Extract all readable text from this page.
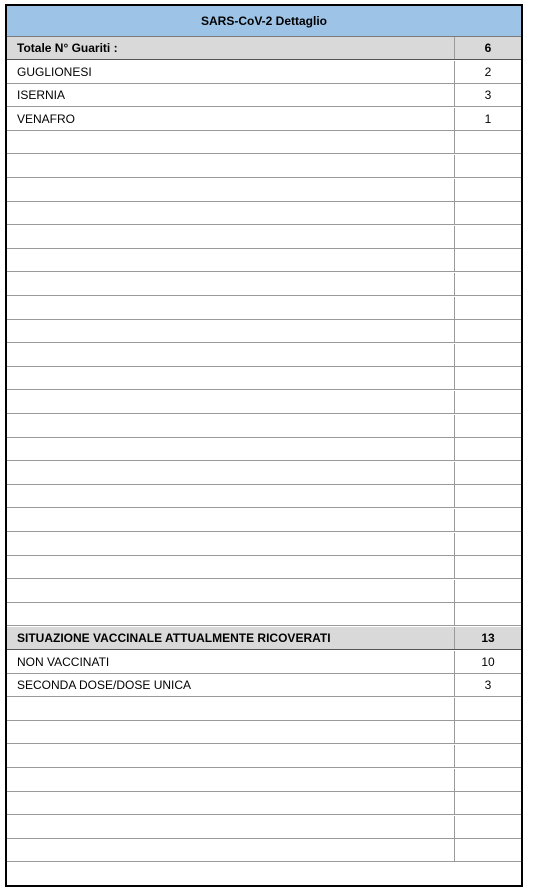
SARS-CoV-2 Dettaglio
Totale N° Guariti :	6
GUGLIONESI	2
ISERNIA	3
VENAFRO	1
SITUAZIONE VACCINALE ATTUALMENTE RICOVERATI	13
NON VACCINATI	10
SECONDA DOSE/DOSE UNICA	3
